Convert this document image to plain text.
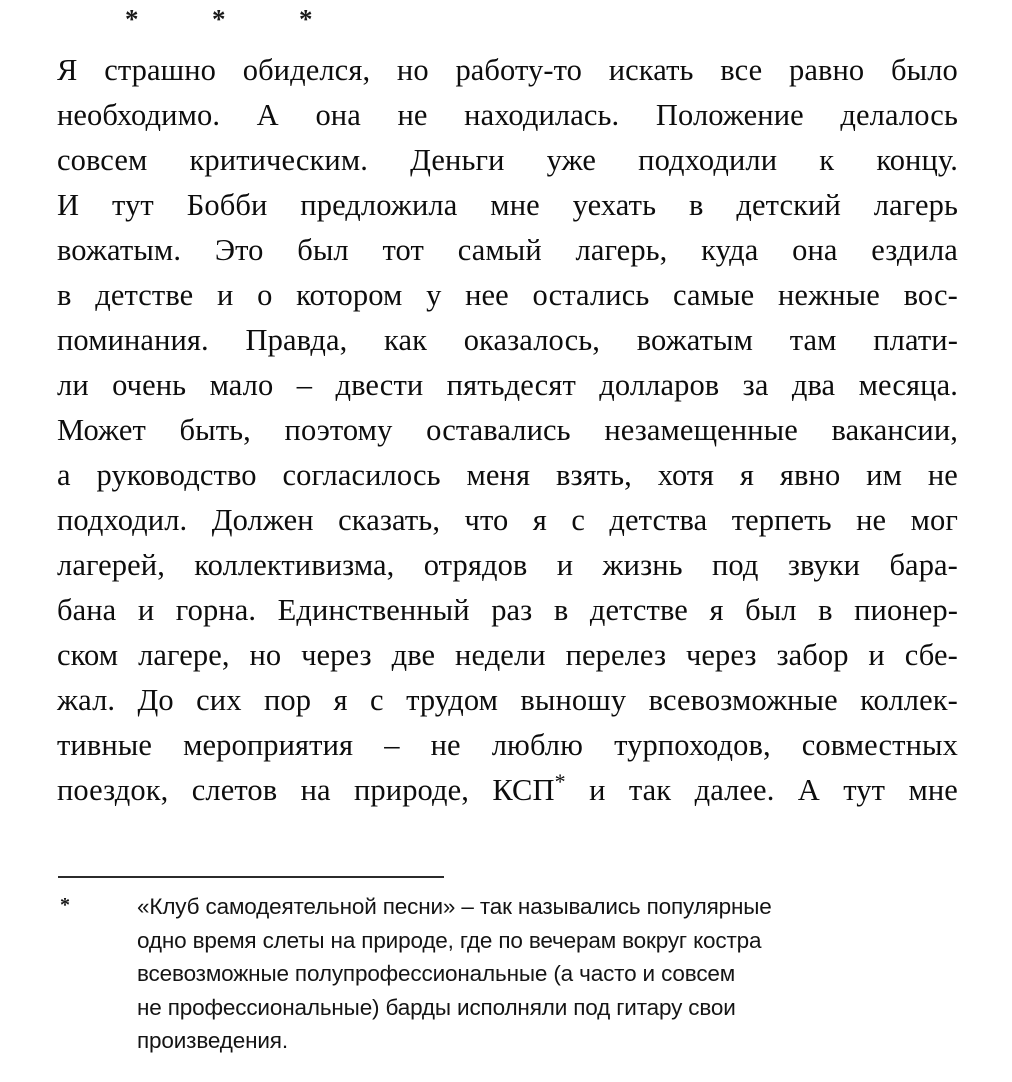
*  *  *
Я страшно обиделся, но работу-то искать все равно было
необходимо. А она не находилась. Положение делалось
совсем критическим. Деньги уже подходили к концу.
И тут Бобби предложила мне уехать в детский лагерь
вожатым. Это был тот самый лагерь, куда она ездила
в детстве и о котором у нее остались самые нежные вос-
поминания. Правда, как оказалось, вожатым там плати-
ли очень мало – двести пятьдесят долларов за два месяца.
Может быть, поэтому оставались незамещенные вакансии,
а руководство согласилось меня взять, хотя я явно им не
подходил. Должен сказать, что я с детства терпеть не мог
лагерей, коллективизма, отрядов и жизнь под звуки бара-
бана и горна. Единственный раз в детстве я был в пионер-
ском лагере, но через две недели перелез через забор и сбе-
жал. До сих пор я с трудом выношу всевозможные коллек-
тивные мероприятия – не люблю турпоходов, совместных
поездок, слетов на природе, КСП* и так далее. А тут мне
*	«Клуб самодеятельной песни» – так назывались популярные
одно время слеты на природе, где по вечерам вокруг костра
всевозможные полупрофессиональные (а часто и совсем
не профессиональные) барды исполняли под гитару свои
произведения.
